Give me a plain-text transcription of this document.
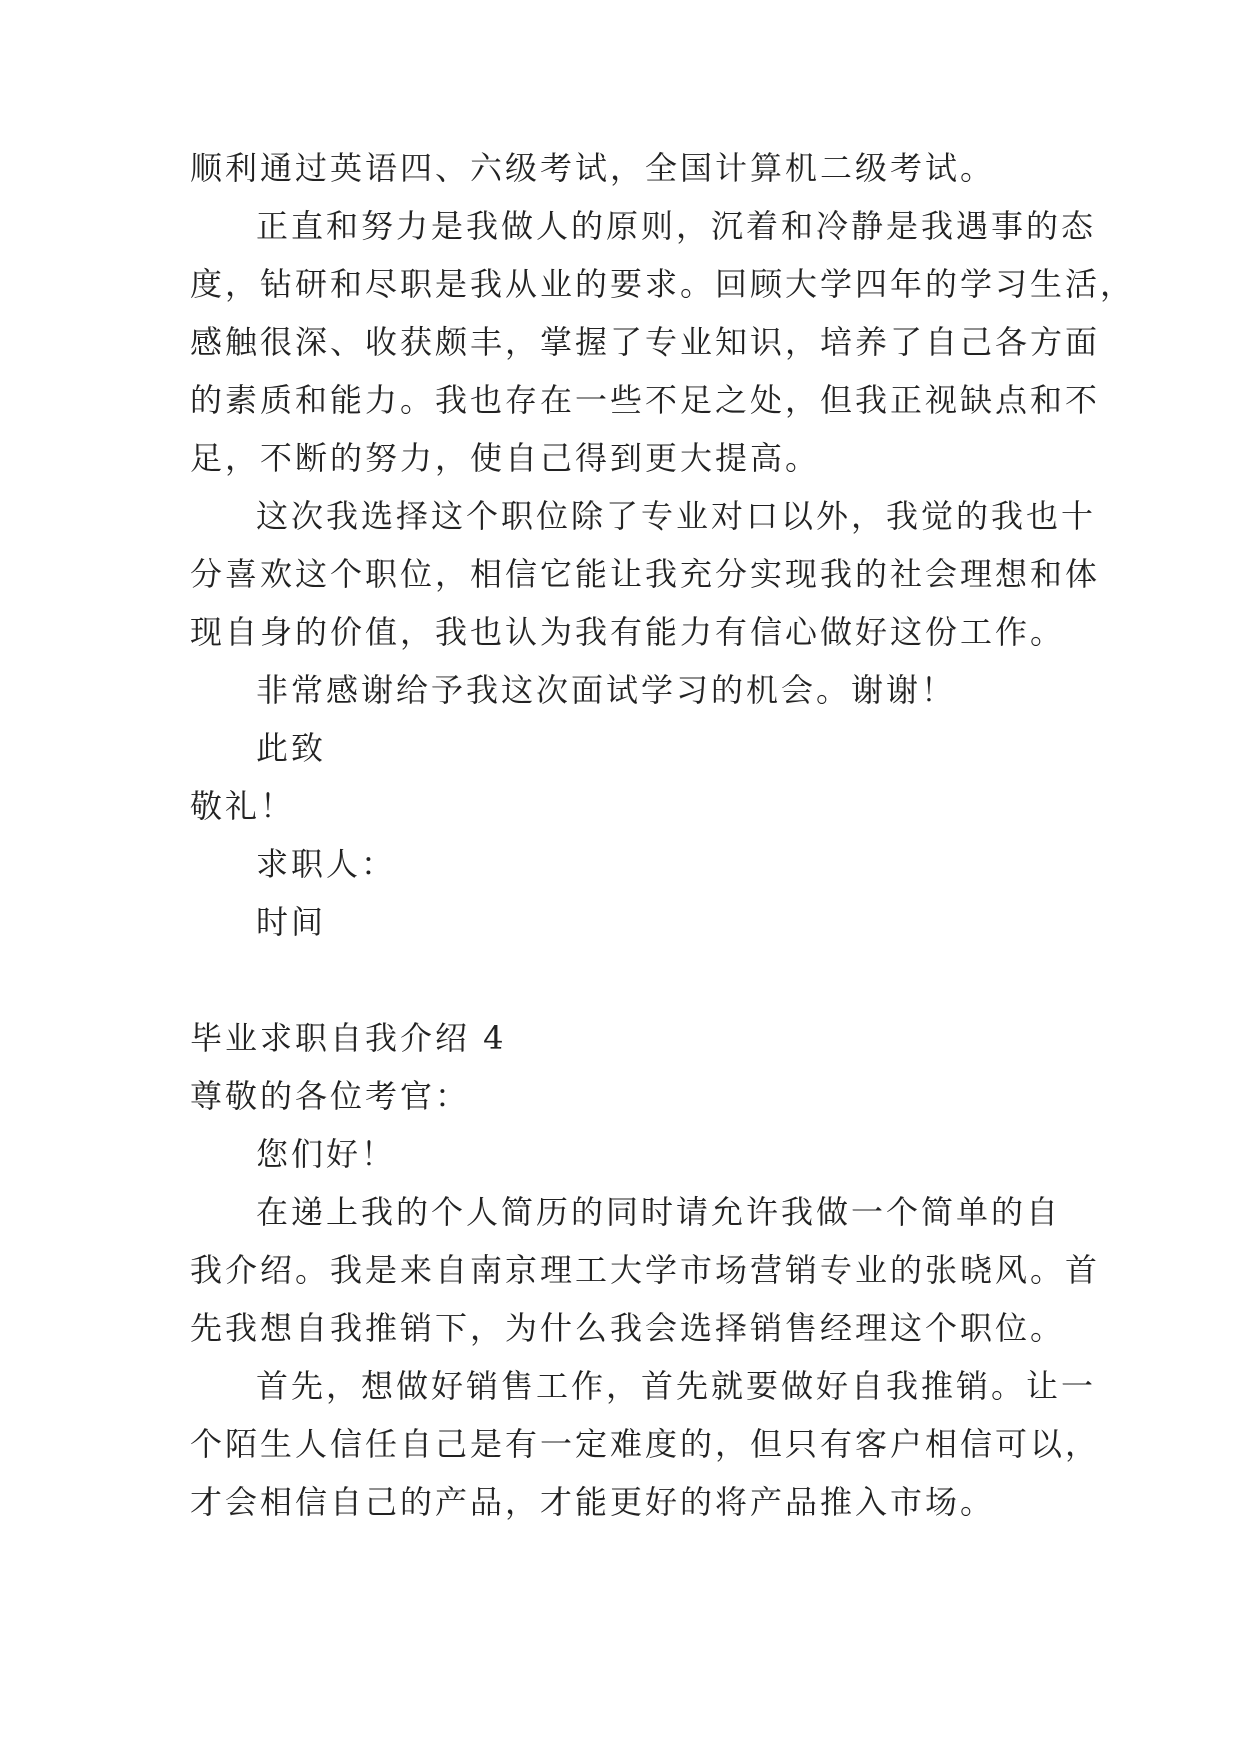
顺利通过英语四、六级考试，全国计算机二级考试。

正直和努力是我做人的原则，沉着和冷静是我遇事的态

度，钻研和尽职是我从业的要求。回顾大学四年的学习生活，

感触很深、收获颇丰，掌握了专业知识，培养了自己各方面

的素质和能力。我也存在一些不足之处，但我正视缺点和不

足，不断的努力，使自己得到更大提高。

这次我选择这个职位除了专业对口以外，我觉的我也十

分喜欢这个职位，相信它能让我充分实现我的社会理想和体

现自身的价值，我也认为我有能力有信心做好这份工作。

非常感谢给予我这次面试学习的机会。谢谢！

此致

敬礼！

求职人：

时间

毕业求职自我介绍 4

尊敬的各位考官：

您们好！

在递上我的个人简历的同时请允许我做一个简单的自

我介绍。我是来自南京理工大学市场营销专业的张晓风。首

先我想自我推销下，为什么我会选择销售经理这个职位。

首先，想做好销售工作，首先就要做好自我推销。让一

个陌生人信任自己是有一定难度的，但只有客户相信可以，

才会相信自己的产品，才能更好的将产品推入市场。
